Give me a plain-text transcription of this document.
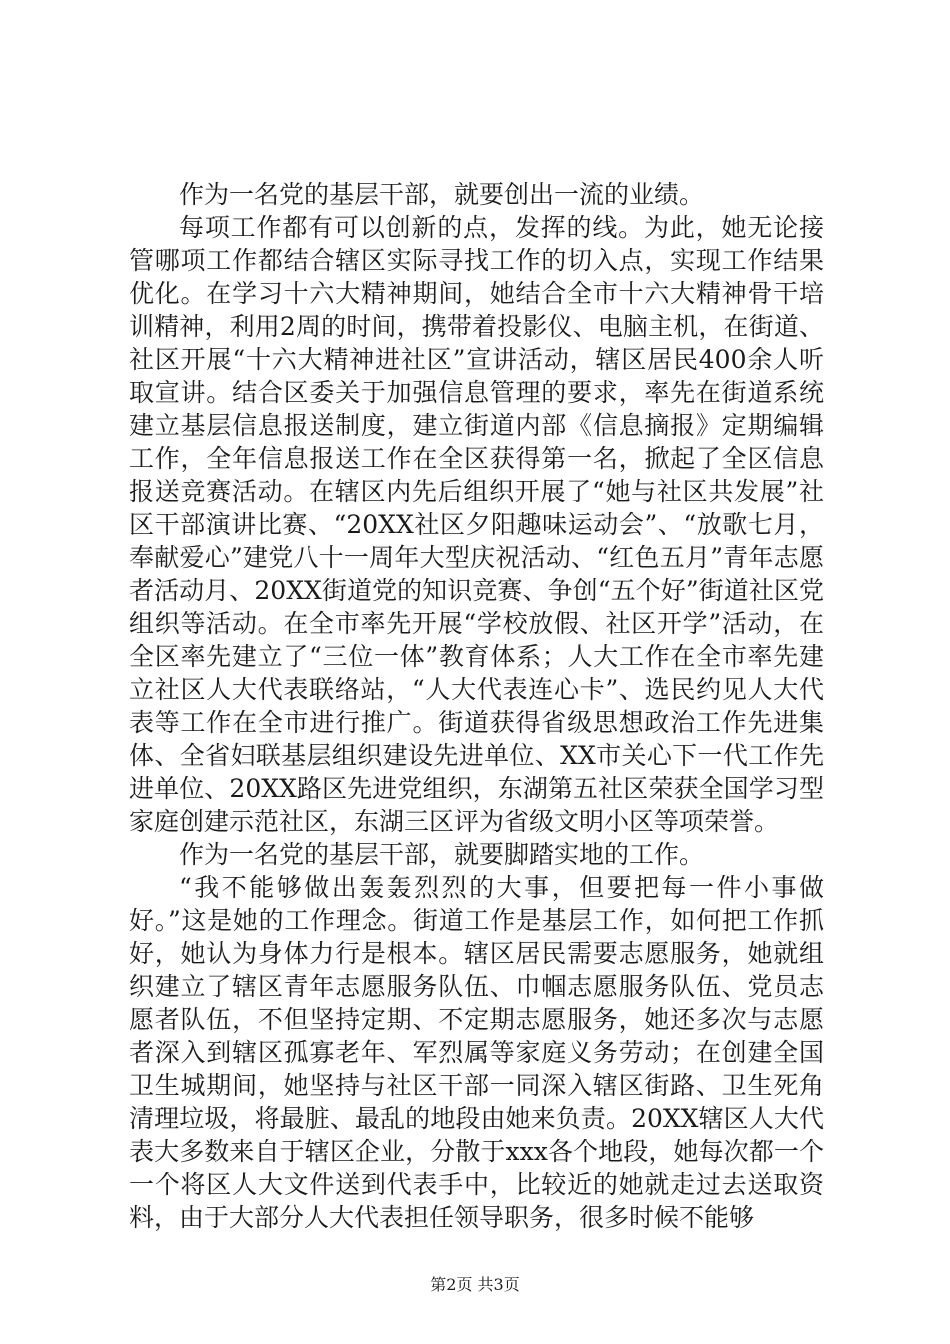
作为一名党的基层干部，就要创出一流的业绩。

每项工作都有可以创新的点，发挥的线。为此，她无论接管哪项工作都结合辖区实际寻找工作的切入点，实现工作结果优化。在学习十六大精神期间，她结合全市十六大精神骨干培训精神，利用2周的时间，携带着投影仪、电脑主机，在街道、社区开展“十六大精神进社区”宣讲活动，辖区居民400余人听取宣讲。结合区委关于加强信息管理的要求，率先在街道系统建立基层信息报送制度，建立街道内部《信息摘报》定期编辑工作，全年信息报送工作在全区获得第一名，掀起了全区信息报送竞赛活动。在辖区内先后组织开展了“她与社区共发展”社区干部演讲比赛、“20XX社区夕阳趣味运动会”、“放歌七月，奉献爱心”建党八十一周年大型庆祝活动、“红色五月”青年志愿者活动月、20XX街道党的知识竞赛、争创“五个好”街道社区党组织等活动。在全市率先开展“学校放假、社区开学”活动，在全区率先建立了“三位一体”教育体系；人大工作在全市率先建立社区人大代表联络站，“人大代表连心卡”、选民约见人大代表等工作在全市进行推广。街道获得省级思想政治工作先进集体、全省妇联基层组织建设先进单位、XX市关心下一代工作先进单位、20XX路区先进党组织，东湖第五社区荣获全国学习型家庭创建示范社区，东湖三区评为省级文明小区等项荣誉。

作为一名党的基层干部，就要脚踏实地的工作。

“我不能够做出轰轰烈烈的大事，但要把每一件小事做好。”这是她的工作理念。街道工作是基层工作，如何把工作抓好，她认为身体力行是根本。辖区居民需要志愿服务，她就组织建立了辖区青年志愿服务队伍、巾帼志愿服务队伍、党员志愿者队伍，不但坚持定期、不定期志愿服务，她还多次与志愿者深入到辖区孤寡老年、军烈属等家庭义务劳动；在创建全国卫生城期间，她坚持与社区干部一同深入辖区街路、卫生死角清理垃圾，将最脏、最乱的地段由她来负责。20XX辖区人大代表大多数来自于辖区企业，分散于xxx各个地段，她每次都一个一个将区人大文件送到代表手中，比较近的她就走过去送取资料，由于大部分人大代表担任领导职务，很多时候不能够

第2页 共3页
